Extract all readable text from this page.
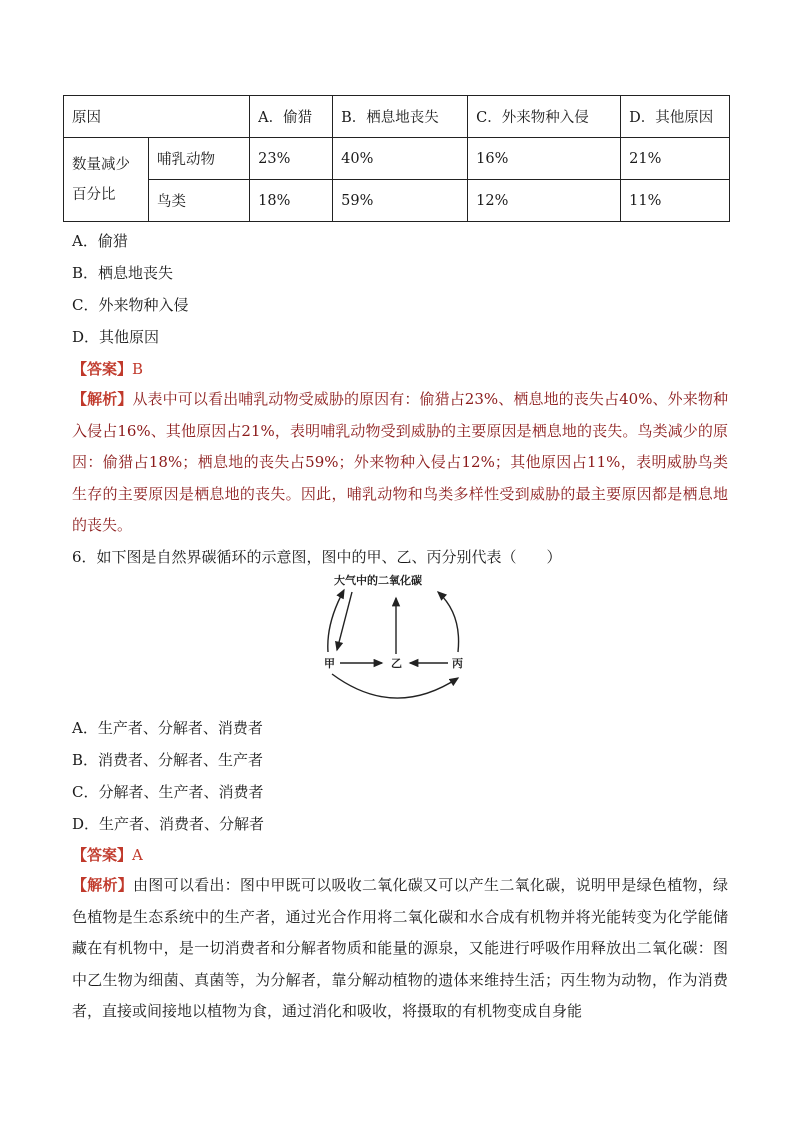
原因		A．偷猎	B．栖息地丧失	C．外来物种入侵	D．其他原因

数量减少
百分比	哺乳动物	23%	40%	16%	21%
	鸟类	18%	59%	12%	11%
A．偷猎
B．栖息地丧失
C．外来物种入侵
D．其他原因
【答案】B
【解析】从表中可以看出哺乳动物受威胁的原因有：偷猎占23%、栖息地的丧失占40%、外来物种入侵占16%、其他原因占21%，表明哺乳动物受到威胁的主要原因是栖息地的丧失。鸟类减少的原因：偷猎占18%；栖息地的丧失占59%；外来物种入侵占12%；其他原因占11%，表明威胁鸟类生存的主要原因是栖息地的丧失。因此，哺乳动物和鸟类多样性受到威胁的最主要原因都是栖息地的丧失。
6．如下图是自然界碳循环的示意图，图中的甲、乙、丙分别代表（　　）
大气中的二氧化碳
甲	乙	丙
A．生产者、分解者、消费者
B．消费者、分解者、生产者
C．分解者、生产者、消费者
D．生产者、消费者、分解者
【答案】A
【解析】由图可以看出：图中甲既可以吸收二氧化碳又可以产生二氧化碳，说明甲是绿色植物，绿色植物是生态系统中的生产者，通过光合作用将二氧化碳和水合成有机物并将光能转变为化学能储藏在有机物中，是一切消费者和分解者物质和能量的源泉，又能进行呼吸作用释放出二氧化碳：图中乙生物为细菌、真菌等，为分解者，靠分解动植物的遗体来维持生活；丙生物为动物，作为消费者，直接或间接地以植物为食，通过消化和吸收，将摄取的有机物变成自身能
